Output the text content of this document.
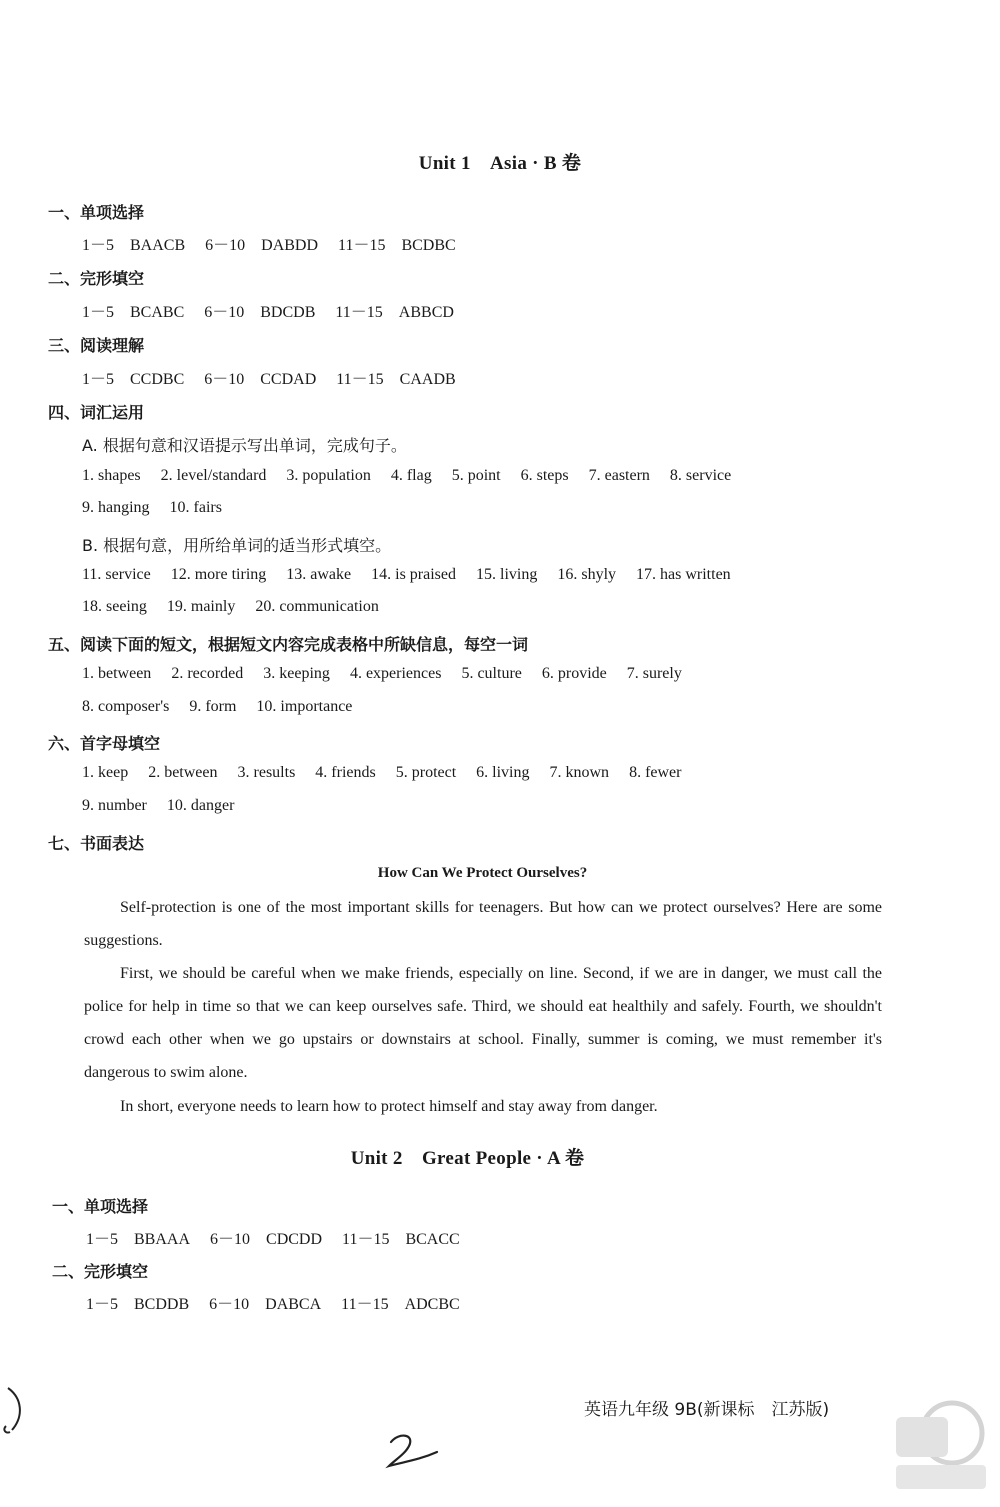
Unit 1　Asia · B 卷
一、单项选择
1－5　BAACB 6－10　DABDD 11－15　BCDBC
二、完形填空
1－5　BCABC 6－10　BDCDB 11－15　ABBCD
三、阅读理解
1－5　CCDBC 6－10　CCDAD 11－15　CAADB
四、词汇运用
A. 根据句意和汉语提示写出单词，完成句子。
1. shapes 2. level/standard 3. population 4. flag 5. point 6. steps 7. eastern 8. service
9. hanging 10. fairs
B. 根据句意，用所给单词的适当形式填空。
11. service 12. more tiring 13. awake 14. is praised 15. living 16. shyly 17. has written
18. seeing 19. mainly 20. communication
五、阅读下面的短文，根据短文内容完成表格中所缺信息，每空一词
1. between 2. recorded 3. keeping 4. experiences 5. culture 6. provide 7. surely
8. composer's 9. form 10. importance
六、首字母填空
1. keep 2. between 3. results 4. friends 5. protect 6. living 7. known 8. fewer
9. number 10. danger
七、书面表达
How Can We Protect Ourselves?
Self-protection is one of the most important skills for teenagers. But how can we protect ourselves? Here are some suggestions.
First, we should be careful when we make friends, especially on line. Second, if we are in danger, we must call the police for help in time so that we can keep ourselves safe. Third, we should eat healthily and safely. Fourth, we shouldn't crowd each other when we go upstairs or downstairs at school. Finally, summer is coming, we must remember it's dangerous to swim alone.
In short, everyone needs to learn how to protect himself and stay away from danger.
Unit 2　Great People · A 卷
一、单项选择
1－5　BBAAA 6－10　CDCDD 11－15　BCACC
二、完形填空
1－5　BCDDB 6－10　DABCA 11－15　ADCBC
英语九年级 9B(新课标　江苏版)
